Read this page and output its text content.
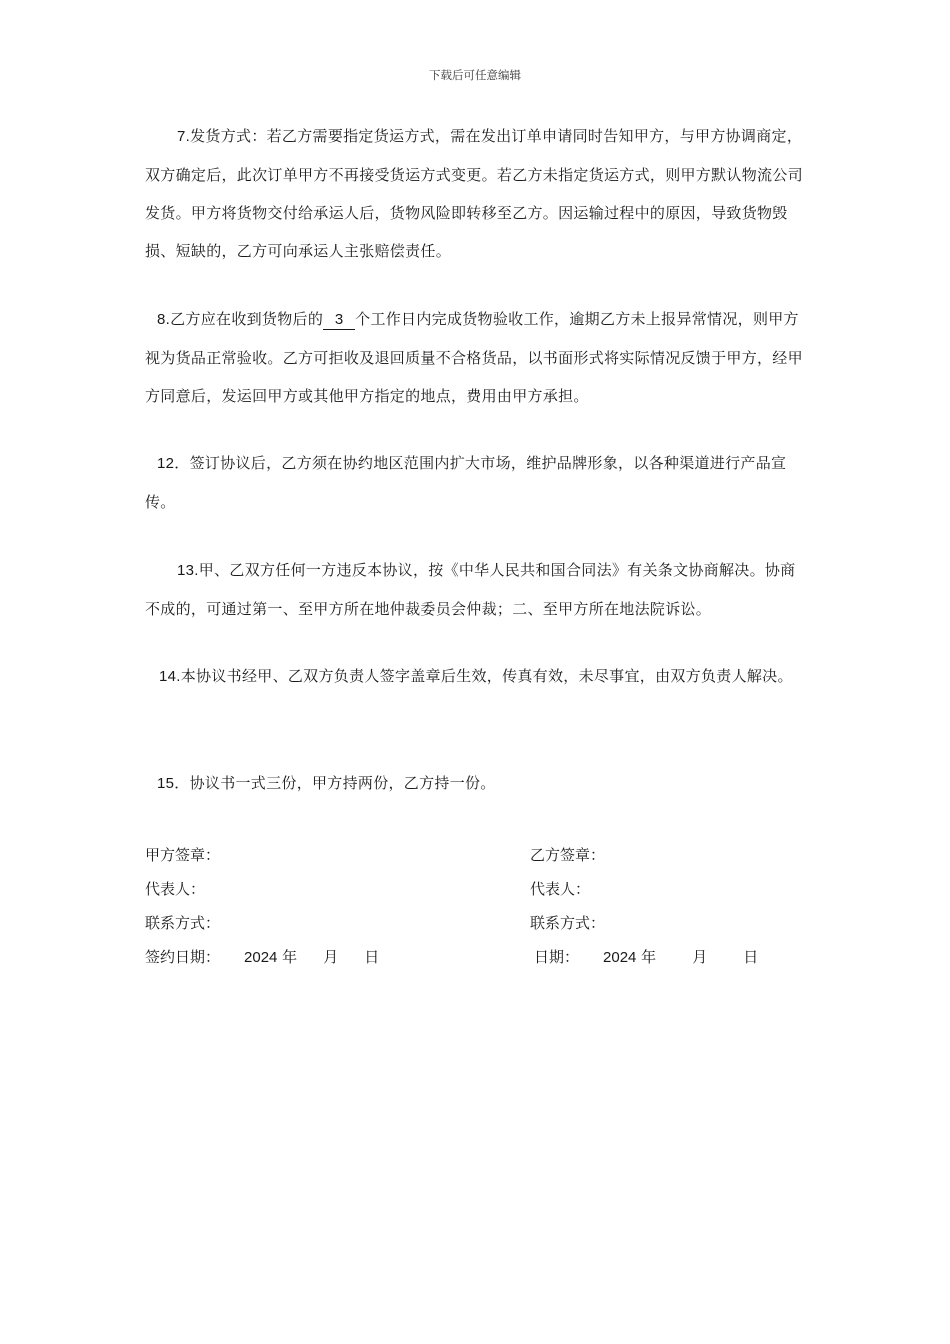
下载后可任意编辑
7.发货方式：若乙方需要指定货运方式，需在发出订单申请同时告知甲方，与甲方协调商定，双方确定后，此次订单甲方不再接受货运方式变更。若乙方未指定货运方式，则甲方默认物流公司发货。甲方将货物交付给承运人后，货物风险即转移至乙方。因运输过程中的原因，导致货物毁损、短缺的，乙方可向承运人主张赔偿责任。
8.乙方应在收到货物后的 3 个工作日内完成货物验收工作，逾期乙方未上报异常情况，则甲方视为货品正常验收。乙方可拒收及退回质量不合格货品，以书面形式将实际情况反馈于甲方，经甲方同意后，发运回甲方或其他甲方指定的地点，费用由甲方承担。
12．签订协议后，乙方须在协约地区范围内扩大市场，维护品牌形象，以各种渠道进行产品宣传。
13.甲、乙双方任何一方违反本协议，按《中华人民共和国合同法》有关条文协商解决。协商不成的，可通过第一、至甲方所在地仲裁委员会仲裁；二、至甲方所在地法院诉讼。
14.本协议书经甲、乙双方负责人签字盖章后生效，传真有效，未尽事宜，由双方负责人解决。
15．协议书一式三份，甲方持两份，乙方持一份。
甲方签章：	乙方签章：
代表人：	代表人：
联系方式：	联系方式：
签约日期： 2024 年 月 日	日期： 2024 年 月 日
